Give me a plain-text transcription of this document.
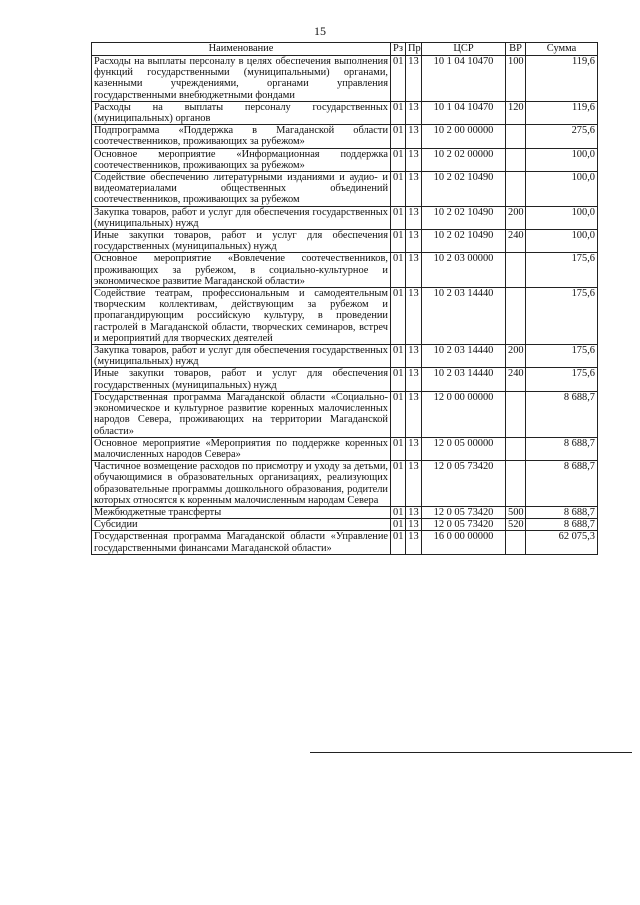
15
Наименование	Рз	Пр	ЦСР	ВР	Сумма
Расходы на выплаты персоналу в целях обеспечения выполнения функций государственными (муниципальными) органами, казенными учреждениями, органами управления государственными внебюджетными фондами	01	13	10 1 04 10470	100	119,6
Расходы на выплаты персоналу государственных (муниципальных) органов	01	13	10 1 04 10470	120	119,6
Подпрограмма «Поддержка в Магаданской области соотечественников, проживающих за рубежом»	01	13	10 2 00 00000		275,6
Основное мероприятие «Информационная поддержка соотечественников, проживающих за рубежом»	01	13	10 2 02 00000		100,0
Содействие обеспечению литературными изданиями и аудио- и видеоматериалами общественных объединений соотечественников, проживающих за рубежом	01	13	10 2 02 10490		100,0
Закупка товаров, работ и услуг для обеспечения государственных (муниципальных) нужд	01	13	10 2 02 10490	200	100,0
Иные закупки товаров, работ и услуг для обеспечения государственных (муниципальных) нужд	01	13	10 2 02 10490	240	100,0
Основное мероприятие «Вовлечение соотечественников, проживающих за рубежом, в социально-культурное и экономическое развитие Магаданской области»	01	13	10 2 03 00000		175,6
Содействие театрам, профессиональным и самодеятельным творческим коллективам, действующим за рубежом и пропагандирующим российскую культуру, в проведении гастролей в Магаданской области, творческих семинаров, встреч и мероприятий для творческих деятелей	01	13	10 2 03 14440		175,6
Закупка товаров, работ и услуг для обеспечения государственных (муниципальных) нужд	01	13	10 2 03 14440	200	175,6
Иные закупки товаров, работ и услуг для обеспечения государственных (муниципальных) нужд	01	13	10 2 03 14440	240	175,6
Государственная программа Магаданской области «Социально-экономическое и культурное развитие коренных малочисленных народов Севера, проживающих на территории Магаданской области»	01	13	12 0 00 00000		8 688,7
Основное мероприятие «Мероприятия по поддержке коренных малочисленных народов Севера»	01	13	12 0 05 00000		8 688,7
Частичное возмещение расходов по присмотру и уходу за детьми, обучающимися в образовательных организациях, реализующих образовательные программы дошкольного образования, родители которых относятся к коренным малочисленным народам Севера	01	13	12 0 05 73420		8 688,7
Межбюджетные трансферты	01	13	12 0 05 73420	500	8 688,7
Субсидии	01	13	12 0 05 73420	520	8 688,7
Государственная программа Магаданской области «Управление государственными финансами Магаданской области»	01	13	16 0 00 00000		62 075,3
